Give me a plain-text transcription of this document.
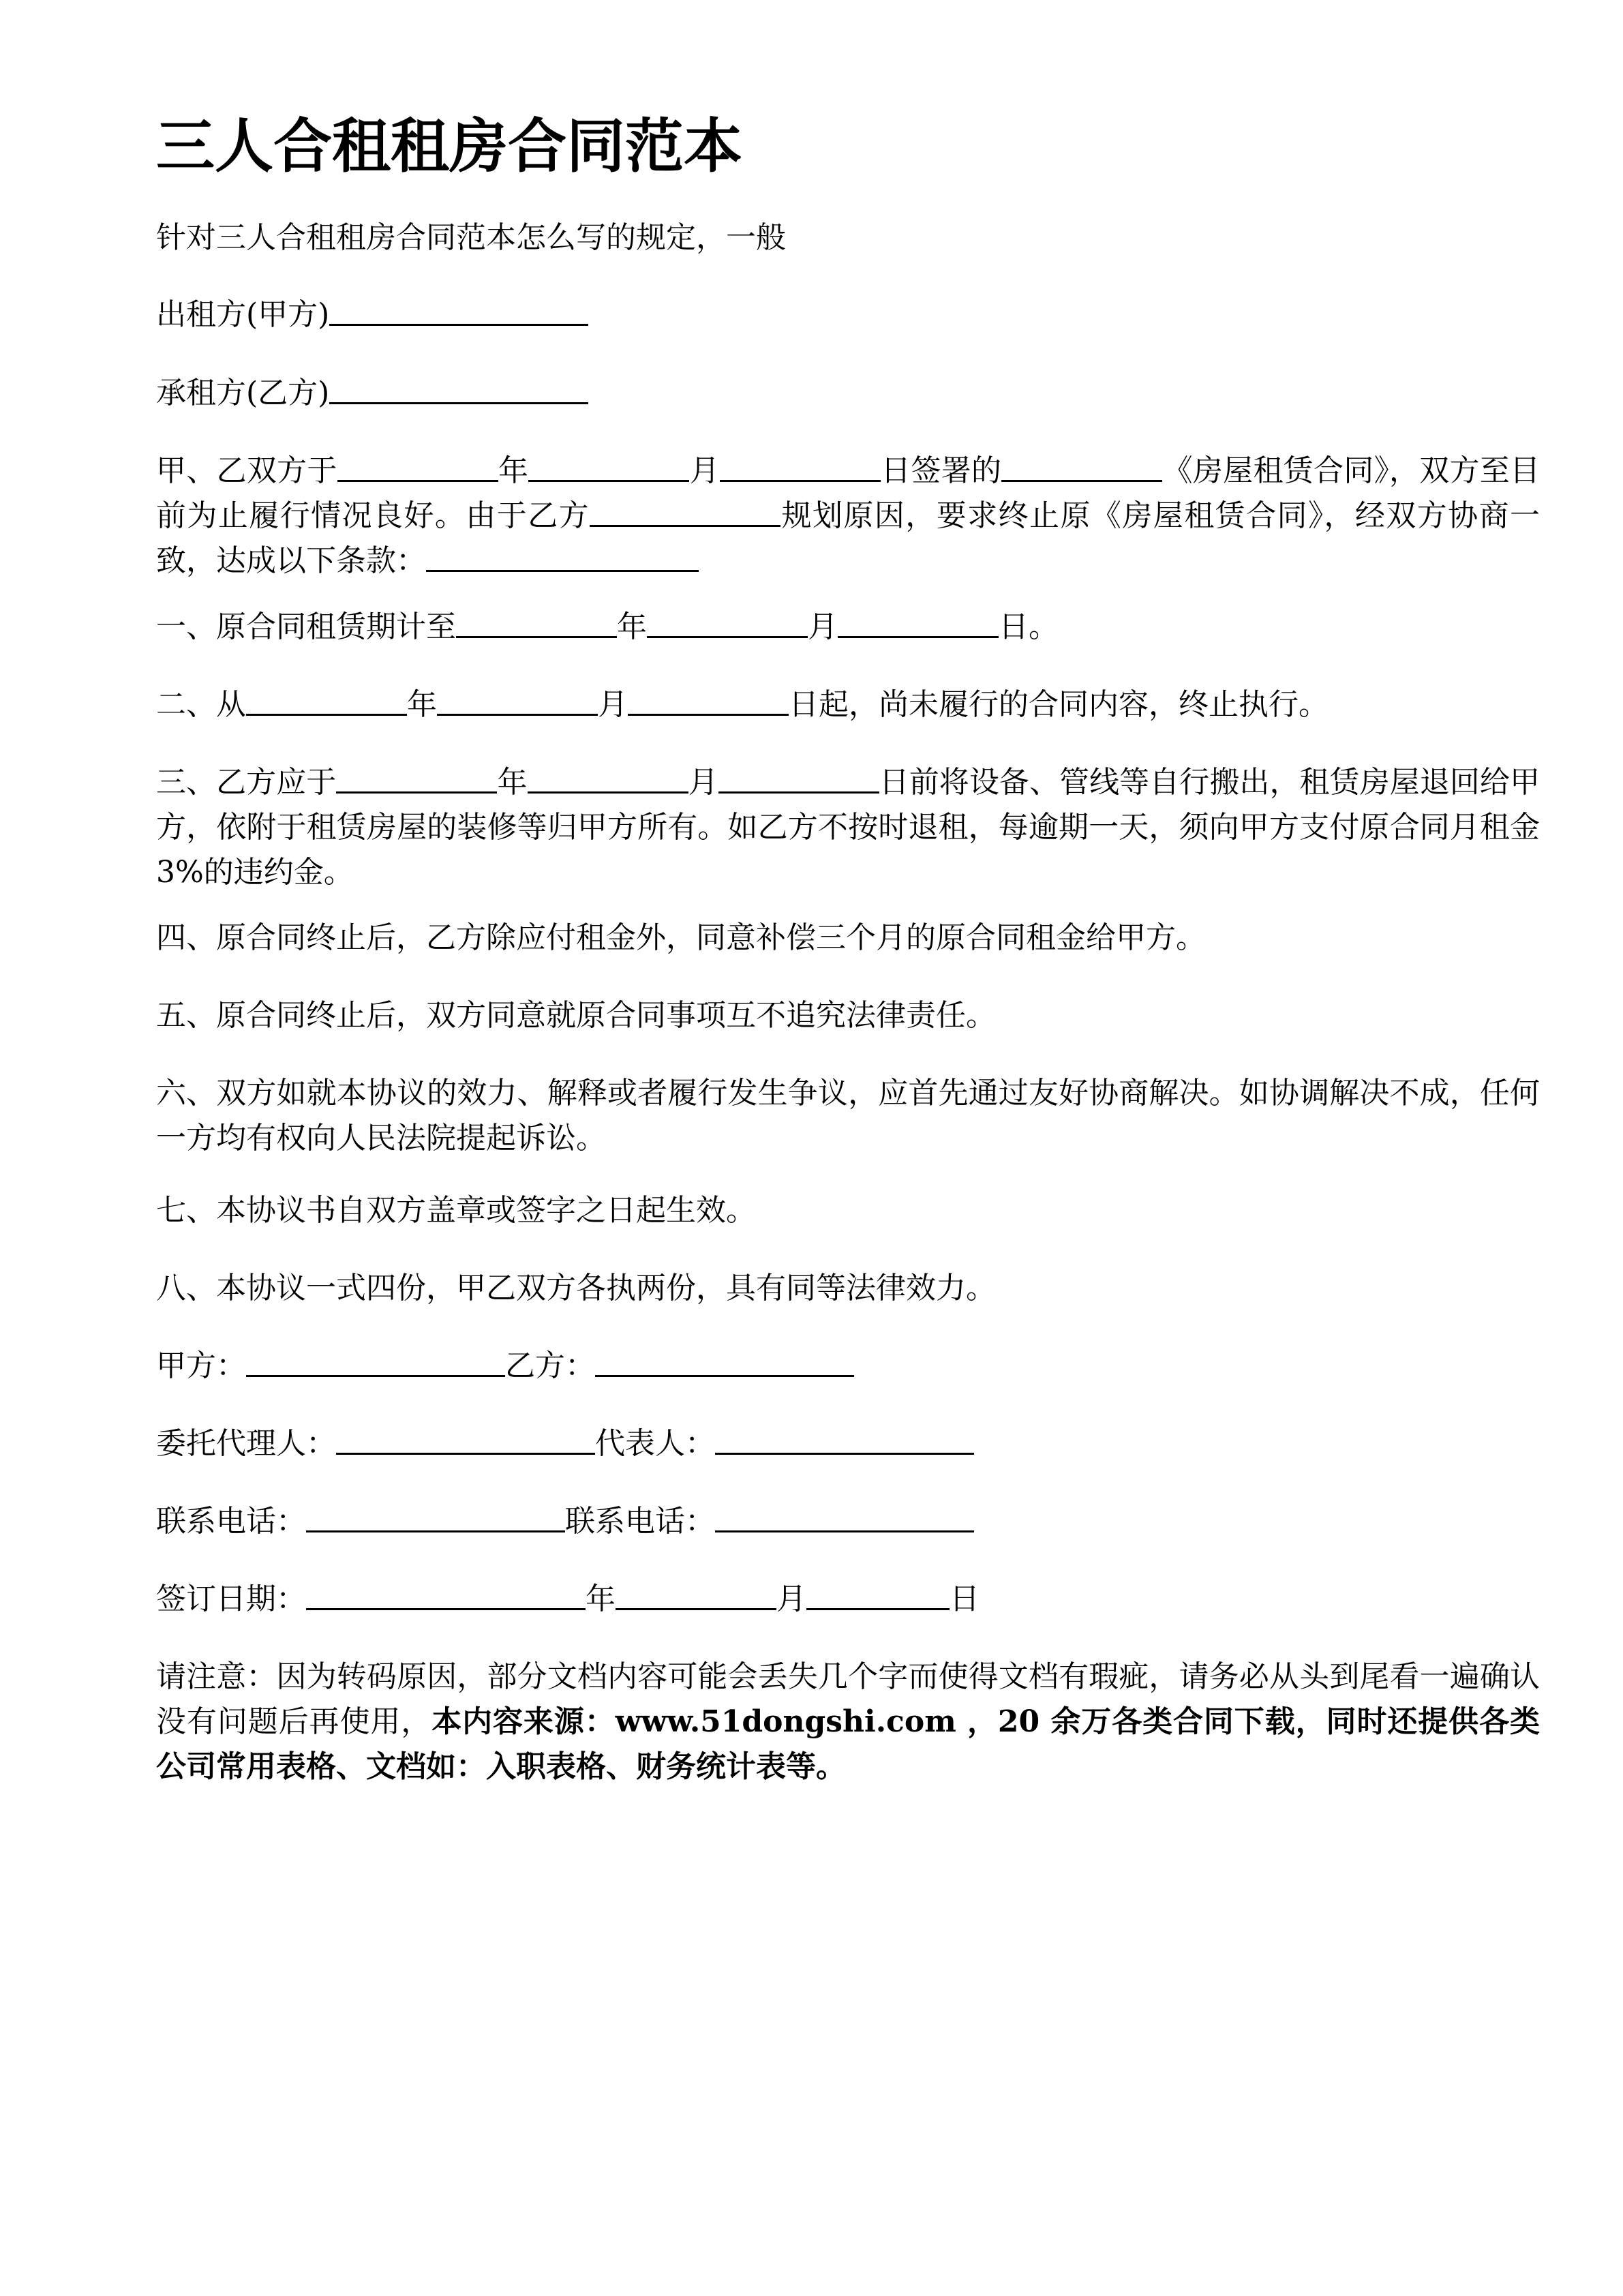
三人合租租房合同范本

针对三人合租租房合同范本怎么写的规定，一般

出租方(甲方)

承租方(乙方)

甲、乙双方于	年	月	日签署的	《房屋租赁合同》，双方至目前为止履行情况良好。由于乙方	规划原因，要求终止原《房屋租赁合同》，经双方协商一致，达成以下条款：

一、原合同租赁期计至	年	月	日。

二、从	年	月	日起，尚未履行的合同内容，终止执行。

三、乙方应于	年	月	日前将设备、管线等自行搬出，租赁房屋退回给甲方，依附于租赁房屋的装修等归甲方所有。如乙方不按时退租，每逾期一天，须向甲方支付原合同月租金 3%的违约金。

四、原合同终止后，乙方除应付租金外，同意补偿三个月的原合同租金给甲方。

五、原合同终止后，双方同意就原合同事项互不追究法律责任。

六、双方如就本协议的效力、解释或者履行发生争议，应首先通过友好协商解决。如协调解决不成，任何一方均有权向人民法院提起诉讼。

七、本协议书自双方盖章或签字之日起生效。

八、本协议一式四份，甲乙双方各执两份，具有同等法律效力。

甲方：	乙方：

委托代理人：	代表人：

联系电话：	联系电话：

签订日期：	年	月	日

请注意：因为转码原因，部分文档内容可能会丢失几个字而使得文档有瑕疵，请务必从头到尾看一遍确认没有问题后再使用，本内容来源：www.51dongshi.com ，20 余万各类合同下载，同时还提供各类公司常用表格、文档如：入职表格、财务统计表等。
